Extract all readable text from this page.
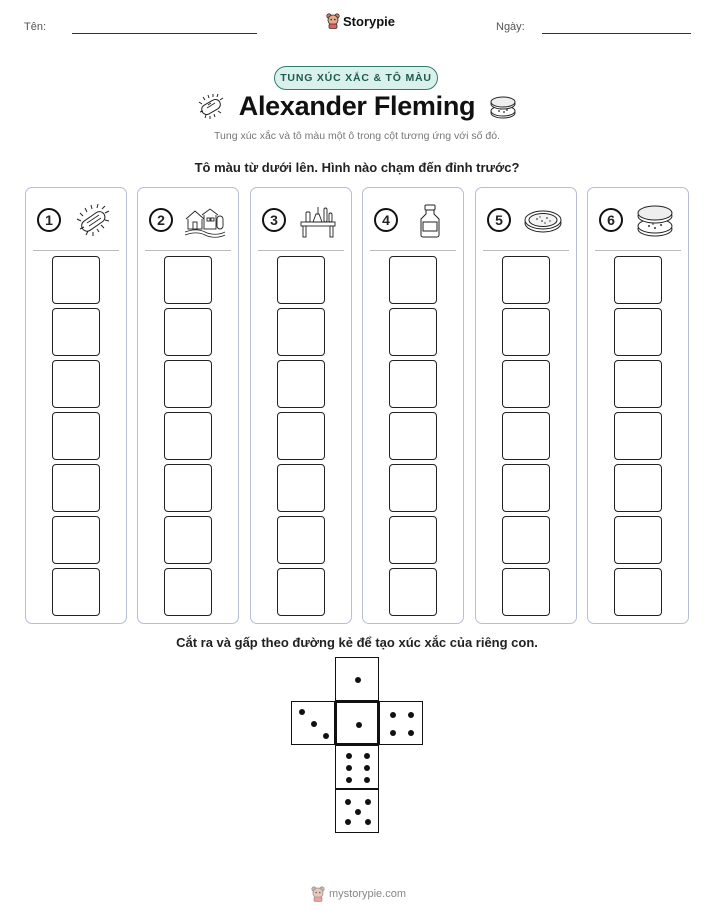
Tên:	Storypie	Ngày:
TUNG XÚC XẮC & TÔ MÀU
Alexander Fleming
Tung xúc xắc và tô màu một ô trong cột tương ứng với số đó.
Tô màu từ dưới lên. Hình nào chạm đến đỉnh trước?
1	2	3	4	5	6
Cắt ra và gấp theo đường kẻ để tạo xúc xắc của riêng con.
mystorypie.com
